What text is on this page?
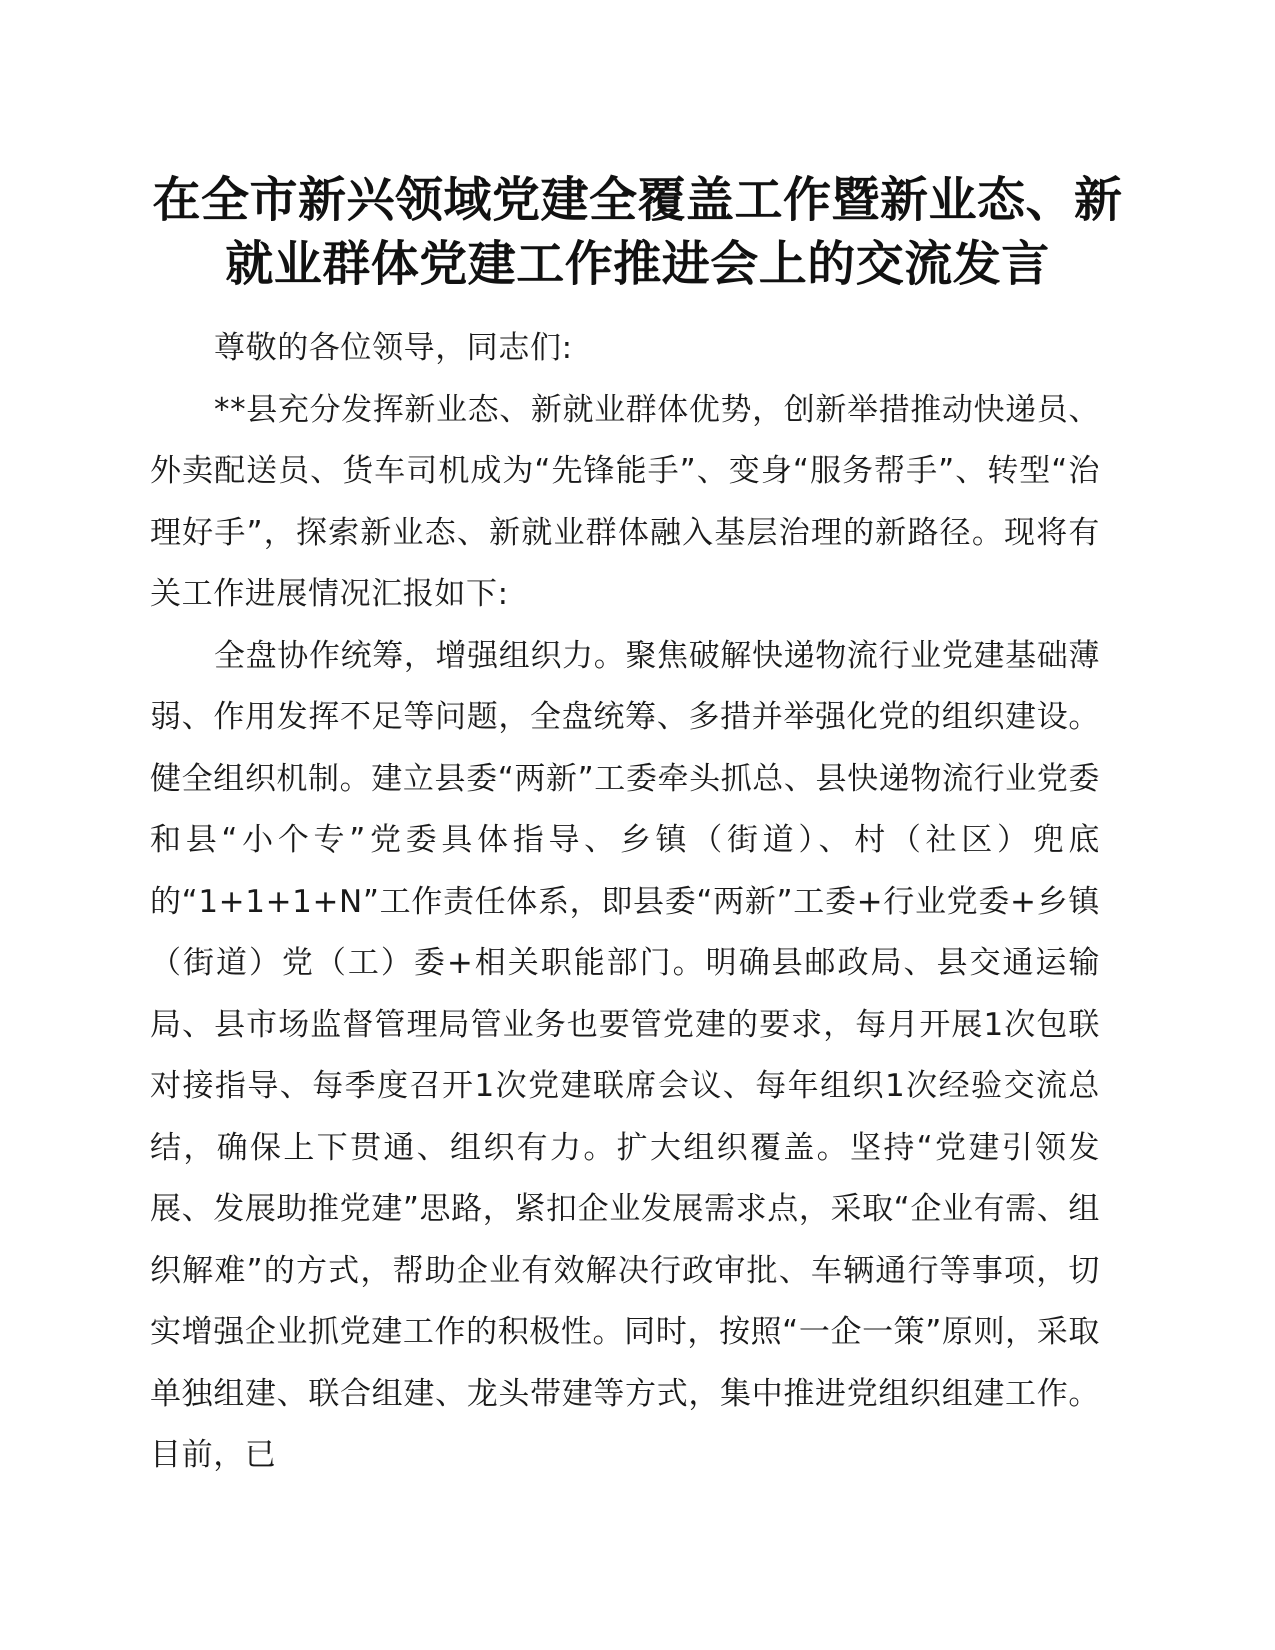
在全市新兴领域党建全覆盖工作暨新业态、新
就业群体党建工作推进会上的交流发言

尊敬的各位领导，同志们:

**县充分发挥新业态、新就业群体优势，创新举措推动快递员、外卖配送员、货车司机成为“先锋能手”、变身“服务帮手”、转型“治理好手”，探索新业态、新就业群体融入基层治理的新路径。现将有关工作进展情况汇报如下:

全盘协作统筹，增强组织力。聚焦破解快递物流行业党建基础薄弱、作用发挥不足等问题，全盘统筹、多措并举强化党的组织建设。健全组织机制。建立县委“两新”工委牵头抓总、县快递物流行业党委和县“小个专”党委具体指导、乡镇（街道）、村（社区）兜底的“1+1+1+N”工作责任体系，即县委“两新”工委+行业党委+乡镇（街道）党（工）委+相关职能部门。明确县邮政局、县交通运输局、县市场监督管理局管业务也要管党建的要求，每月开展1次包联对接指导、每季度召开1次党建联席会议、每年组织1次经验交流总结，确保上下贯通、组织有力。扩大组织覆盖。坚持“党建引领发展、发展助推党建”思路，紧扣企业发展需求点，采取“企业有需、组织解难”的方式，帮助企业有效解决行政审批、车辆通行等事项，切实增强企业抓党建工作的积极性。同时，按照“一企一策”原则，采取单独组建、联合组建、龙头带建等方式，集中推进党组织组建工作。目前，已
